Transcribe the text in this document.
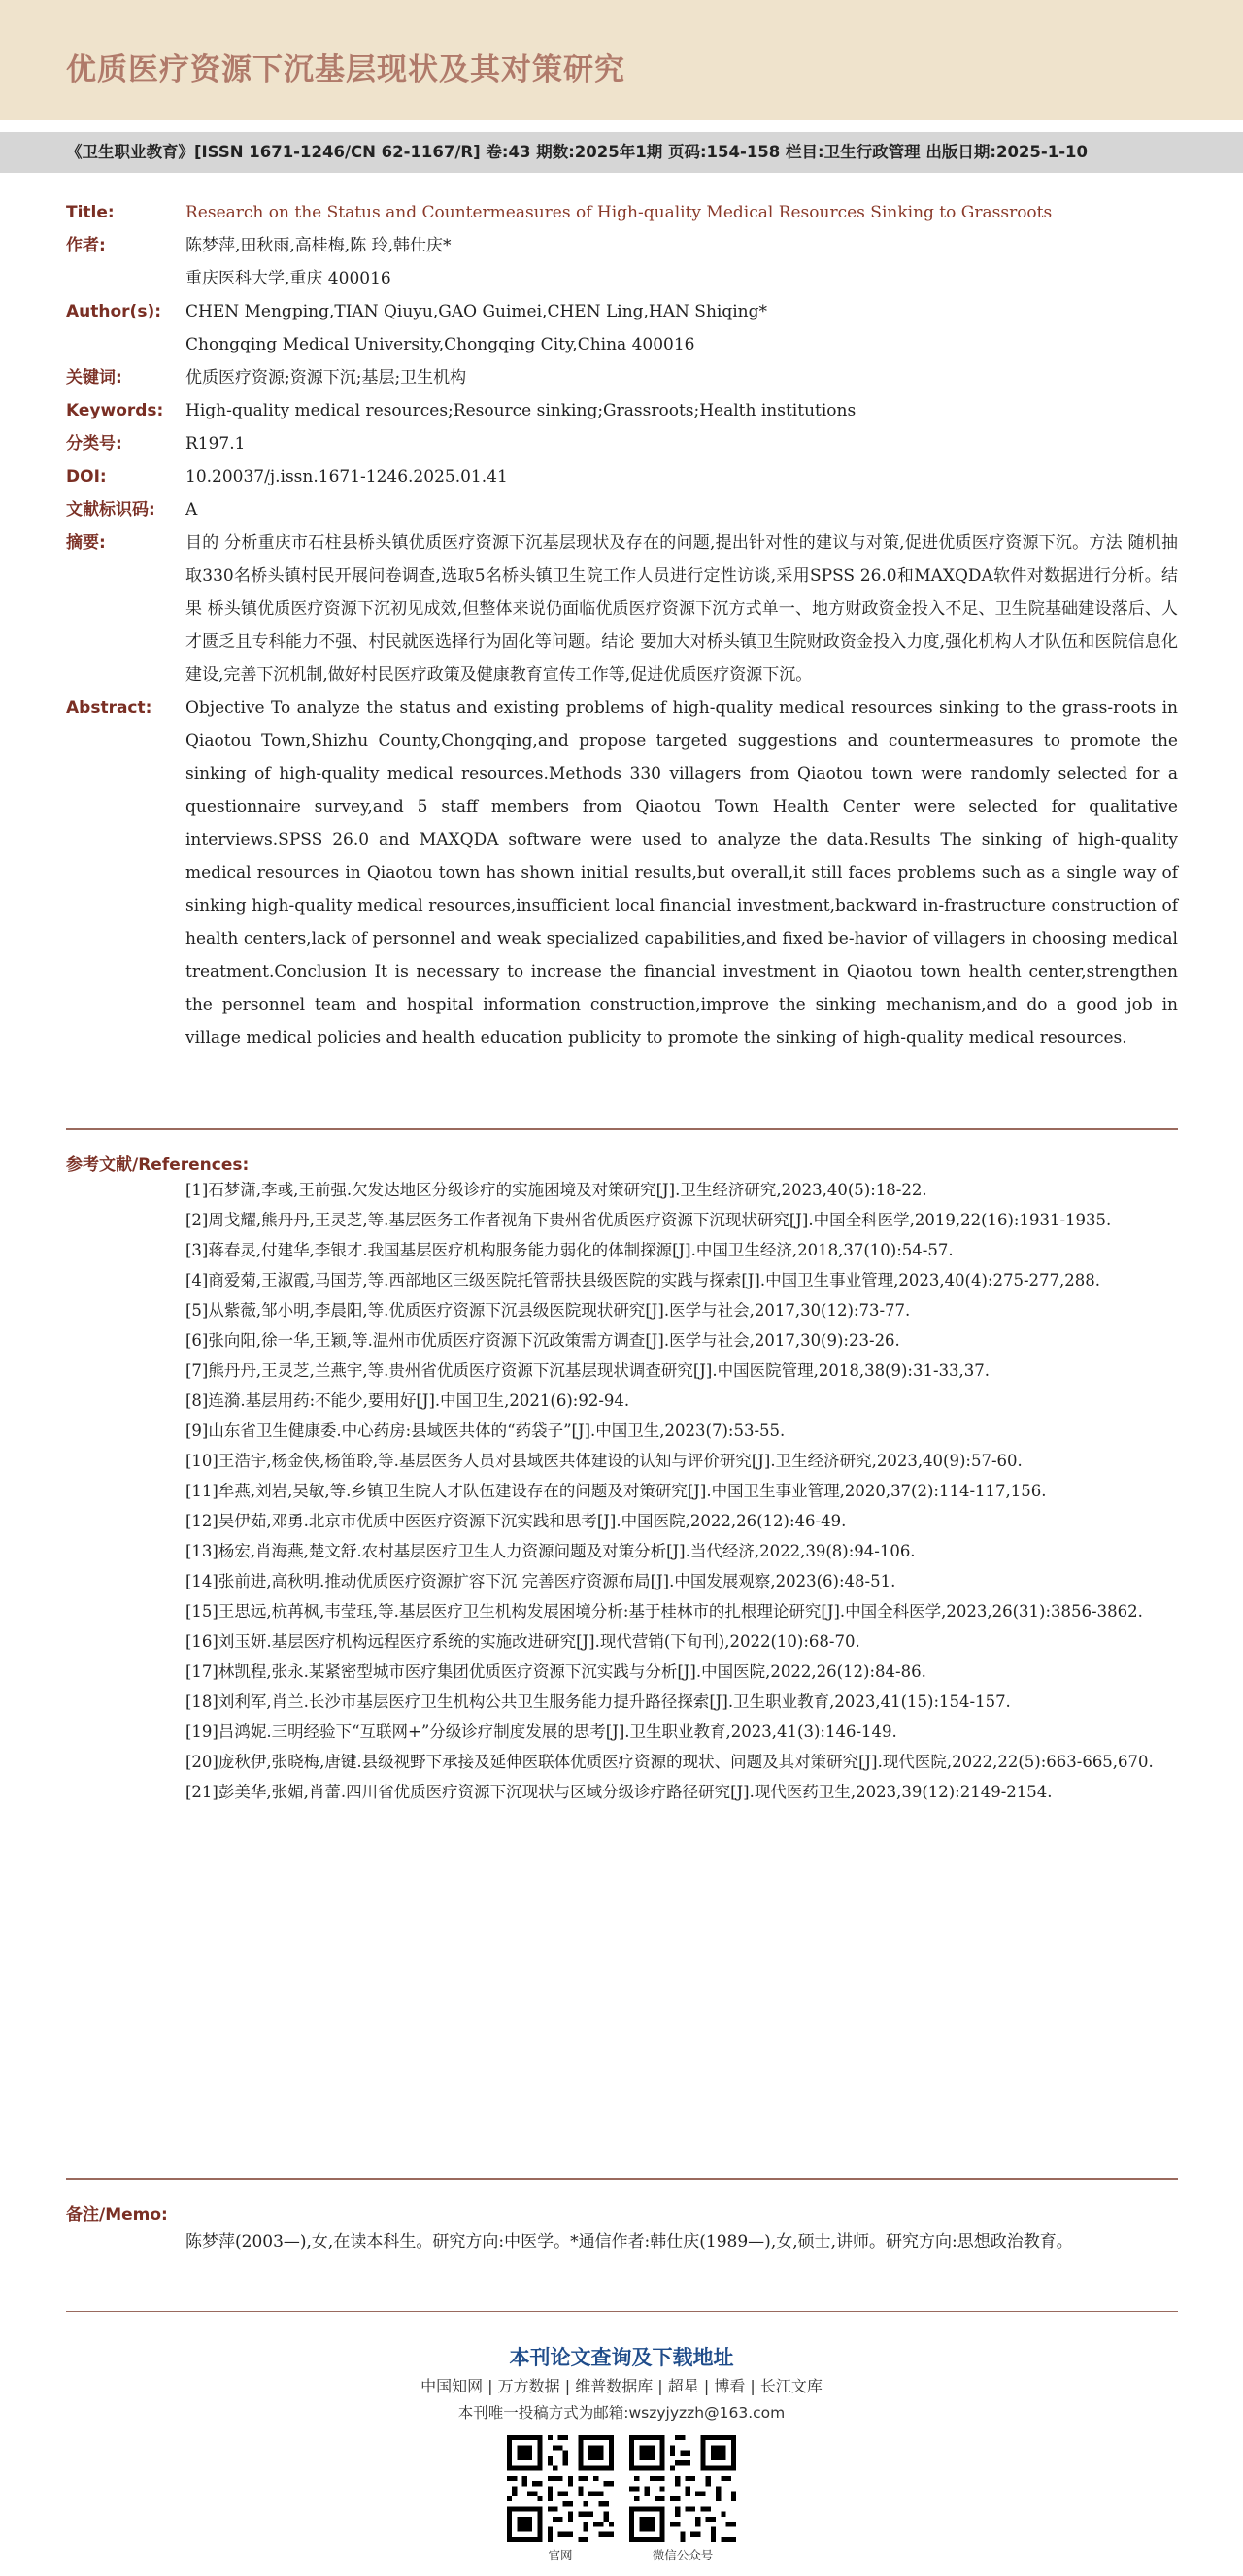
优质医疗资源下沉基层现状及其对策研究
《卫生职业教育》[ISSN 1671-1246/CN 62-1167/R] 卷:43 期数:2025年1期 页码:154-158 栏目:卫生行政管理 出版日期:2025-1-10
Title:	Research on the Status and Countermeasures of High-quality Medical Resources Sinking to Grassroots
作者:	陈梦萍,田秋雨,高桂梅,陈 玲,韩仕庆*
重庆医科大学,重庆 400016
Author(s):	CHEN Mengping,TIAN Qiuyu,GAO Guimei,CHEN Ling,HAN Shiqing*
Chongqing Medical University,Chongqing City,China 400016
关键词:	优质医疗资源;资源下沉;基层;卫生机构
Keywords:	High-quality medical resources;Resource sinking;Grassroots;Health institutions
分类号:	R197.1
DOI:	10.20037/j.issn.1671-1246.2025.01.41
文献标识码:	A
摘要:	目的 分析重庆市石柱县桥头镇优质医疗资源下沉基层现状及存在的问题,提出针对性的建议与对策,促进优质医疗资源下沉。方法 随机抽取330名桥头镇村民开展问卷调查,选取5名桥头镇卫生院工作人员进行定性访谈,采用SPSS 26.0和MAXQDA软件对数据进行分析。结果 桥头镇优质医疗资源下沉初见成效,但整体来说仍面临优质医疗资源下沉方式单一、地方财政资金投入不足、卫生院基础建设落后、人才匮乏且专科能力不强、村民就医选择行为固化等问题。结论 要加大对桥头镇卫生院财政资金投入力度,强化机构人才队伍和医院信息化建设,完善下沉机制,做好村民医疗政策及健康教育宣传工作等,促进优质医疗资源下沉。
Abstract:	Objective To analyze the status and existing problems of high-quality medical resources sinking to the grass-roots in Qiaotou Town,Shizhu County,Chongqing,and propose targeted suggestions and countermeasures to promote the sinking of high-quality medical resources.Methods 330 villagers from Qiaotou town were randomly selected for a questionnaire survey,and 5 staff members from Qiaotou Town Health Center were selected for qualitative interviews.SPSS 26.0 and MAXQDA software were used to analyze the data.Results The sinking of high-quality medical resources in Qiaotou town has shown initial results,but overall,it still faces problems such as a single way of sinking high-quality medical resources,insufficient local financial investment,backward in-frastructure construction of health centers,lack of personnel and weak specialized capabilities,and fixed be-havior of villagers in choosing medical treatment.Conclusion It is necessary to increase the financial investment in Qiaotou town health center,strengthen the personnel team and hospital information construction,improve the sinking mechanism,and do a good job in village medical policies and health education publicity to promote the sinking of high-quality medical resources.
参考文献/References:
[1]石梦潇,李彧,王前强.欠发达地区分级诊疗的实施困境及对策研究[J].卫生经济研究,2023,40(5):18-22.
[2]周戈耀,熊丹丹,王灵芝,等.基层医务工作者视角下贵州省优质医疗资源下沉现状研究[J].中国全科医学,2019,22(16):1931-1935.
[3]蒋春灵,付建华,李银才.我国基层医疗机构服务能力弱化的体制探源[J].中国卫生经济,2018,37(10):54-57.
[4]商爱菊,王淑霞,马国芳,等.西部地区三级医院托管帮扶县级医院的实践与探索[J].中国卫生事业管理,2023,40(4):275-277,288.
[5]从紫薇,邹小明,李晨阳,等.优质医疗资源下沉县级医院现状研究[J].医学与社会,2017,30(12):73-77.
[6]张向阳,徐一华,王颖,等.温州市优质医疗资源下沉政策需方调查[J].医学与社会,2017,30(9):23-26.
[7]熊丹丹,王灵芝,兰燕宇,等.贵州省优质医疗资源下沉基层现状调查研究[J].中国医院管理,2018,38(9):31-33,37.
[8]连漪.基层用药:不能少,要用好[J].中国卫生,2021(6):92-94.
[9]山东省卫生健康委.中心药房:县域医共体的“药袋子”[J].中国卫生,2023(7):53-55.
[10]王浩宇,杨金侠,杨笛聆,等.基层医务人员对县域医共体建设的认知与评价研究[J].卫生经济研究,2023,40(9):57-60.
[11]牟燕,刘岩,吴敏,等.乡镇卫生院人才队伍建设存在的问题及对策研究[J].中国卫生事业管理,2020,37(2):114-117,156.
[12]吴伊茹,邓勇.北京市优质中医医疗资源下沉实践和思考[J].中国医院,2022,26(12):46-49.
[13]杨宏,肖海燕,楚文舒.农村基层医疗卫生人力资源问题及对策分析[J].当代经济,2022,39(8):94-106.
[14]张前进,高秋明.推动优质医疗资源扩容下沉 完善医疗资源布局[J].中国发展观察,2023(6):48-51.
[15]王思远,杭苒枫,韦莹珏,等.基层医疗卫生机构发展困境分析:基于桂林市的扎根理论研究[J].中国全科医学,2023,26(31):3856-3862.
[16]刘玉妍.基层医疗机构远程医疗系统的实施改进研究[J].现代营销(下旬刊),2022(10):68-70.
[17]林凯程,张永.某紧密型城市医疗集团优质医疗资源下沉实践与分析[J].中国医院,2022,26(12):84-86.
[18]刘利军,肖兰.长沙市基层医疗卫生机构公共卫生服务能力提升路径探索[J].卫生职业教育,2023,41(15):154-157.
[19]吕鸿妮.三明经验下“互联网+”分级诊疗制度发展的思考[J].卫生职业教育,2023,41(3):146-149.
[20]庞秋伊,张晓梅,唐键.县级视野下承接及延伸医联体优质医疗资源的现状、问题及其对策研究[J].现代医院,2022,22(5):663-665,670.
[21]彭美华,张媚,肖蕾.四川省优质医疗资源下沉现状与区域分级诊疗路径研究[J].现代医药卫生,2023,39(12):2149-2154.
备注/Memo:
陈梦萍(2003—),女,在读本科生。研究方向:中医学。*通信作者:韩仕庆(1989—),女,硕士,讲师。研究方向:思想政治教育。
本刊论文查询及下载地址
中国知网 | 万方数据 | 维普数据库 | 超星 | 博看 | 长江文库
本刊唯一投稿方式为邮箱:wszyjyzzh@163.com
官网	微信公众号
